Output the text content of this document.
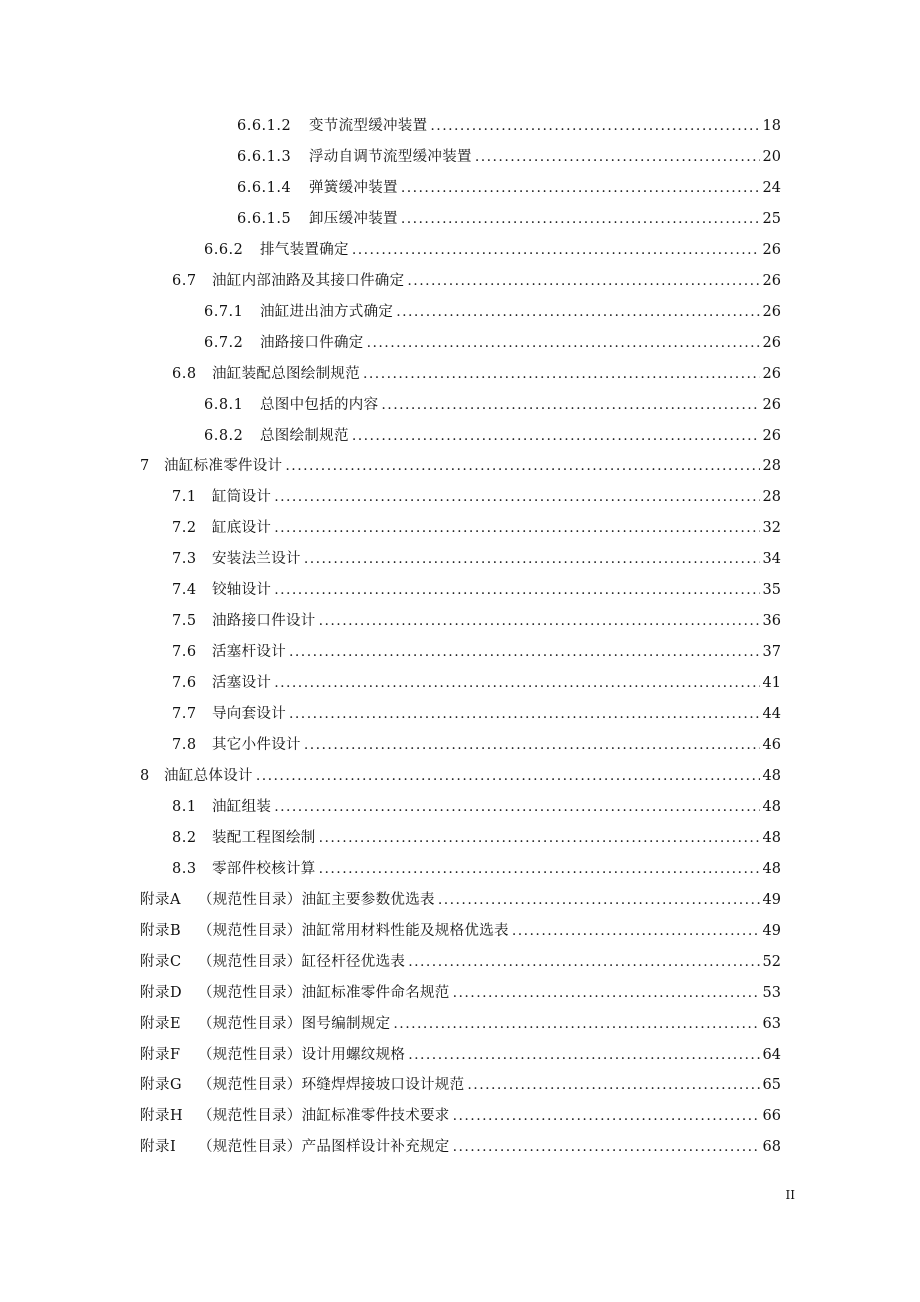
6.6.1.2	变节流型缓冲装置 . . .	18
6.6.1.3	浮动自调节流型缓冲装置 . . .	20
6.6.1.4	弹簧缓冲装置 . . .	24
6.6.1.5	卸压缓冲装置 . . .	25
6.6.2	排气装置确定 . . .	26
6.7	油缸内部油路及其接口件确定 . . .	26
6.7.1	油缸进出油方式确定 . . .	26
6.7.2	油路接口件确定 . . .	26
6.8	油缸装配总图绘制规范 . . .	26
6.8.1	总图中包括的内容 . . .	26
6.8.2	总图绘制规范 . . .	26
7 油缸标准零件设计 . . .	28
7.1	缸筒设计 . . .	28
7.2	缸底设计 . . .	32
7.3	安装法兰设计 . . .	34
7.4	铰轴设计 . . .	35
7.5	油路接口件设计 . . .	36
7.6	活塞杆设计 . . .	37
7.6	活塞设计 . . .	41
7.7	导向套设计 . . .	44
7.8	其它小件设计 . . .	46
8 油缸总体设计 . . .	48
8.1	油缸组装 . . .	48
8.2	装配工程图绘制 . . .	48
8.3	零部件校核计算 . . .	48
附录A	（规范性目录）油缸主要参数优选表 . . .	49
附录B	（规范性目录）油缸常用材料性能及规格优选表 . . .	49
附录C	（规范性目录）缸径杆径优选表 . . .	52
附录D	（规范性目录）油缸标准零件命名规范 . . .	53
附录E	（规范性目录）图号编制规定 . . .	63
附录F	（规范性目录）设计用螺纹规格 . . .	64
附录G	（规范性目录）环缝焊焊接坡口设计规范 . . .	65
附录H	（规范性目录）油缸标准零件技术要求 . . .	66
附录I	（规范性目录）产品图样设计补充规定 . . .	68
II
